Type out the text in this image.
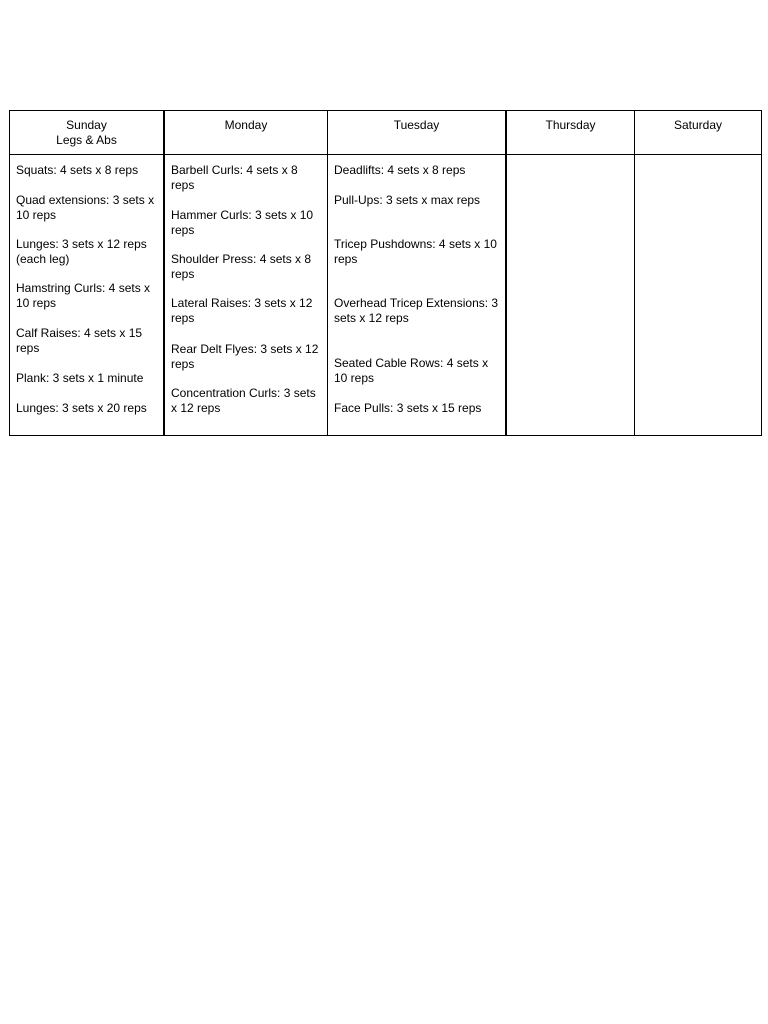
Sunday
Legs & Abs
Squats: 4 sets x 8 reps
Quad extensions: 3 sets x 10 reps
Lunges: 3 sets x 12 reps (each leg)
Hamstring Curls: 4 sets x 10 reps
Calf Raises: 4 sets x 15 reps
Plank: 3 sets x 1 minute
Lunges: 3 sets x 20 reps
Monday
Barbell Curls: 4 sets x 8 reps
Hammer Curls: 3 sets x 10 reps
Shoulder Press: 4 sets x 8 reps
Lateral Raises: 3 sets x 12 reps
Rear Delt Flyes: 3 sets x 12 reps
Concentration Curls: 3 sets x 12 reps
Tuesday
Deadlifts: 4 sets x 8 reps
Pull-Ups: 3 sets x max reps
Tricep Pushdowns: 4 sets x 10 reps
Overhead Tricep Extensions: 3 sets x 12 reps
Seated Cable Rows: 4 sets x 10 reps
Face Pulls: 3 sets x 15 reps
Thursday	Saturday
